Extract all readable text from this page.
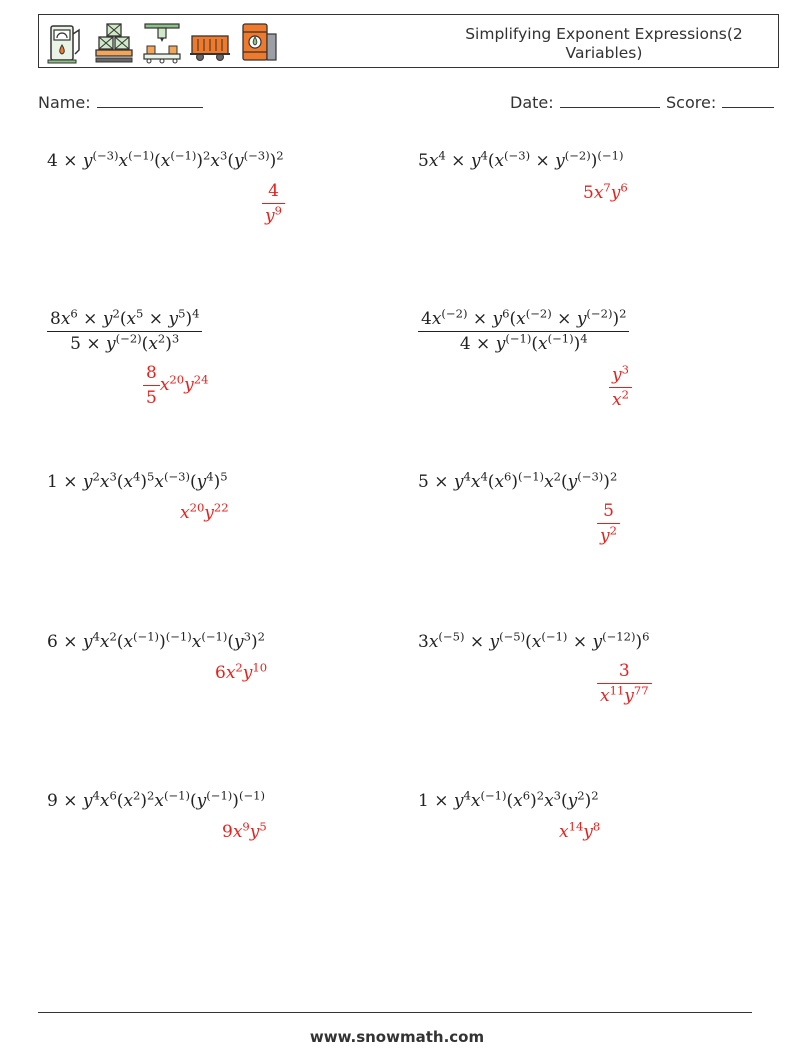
Simplifying Exponent Expressions(2 Variables)
Name:	Date:	Score:
$4 \times y^{(-3)}x^{(-1)}(x^{(-1)})^2x^3(y^{(-3)})^2$
$\frac{4}{y^9}$
$5x^4 \times y^4(x^{(-3)} \times y^{(-2)})^{(-1)}$
$5x^7y^6$
$\frac{8x^6 \times y^2(x^5 \times y^5)^4}{5 \times y^{(-2)}(x^2)^3}$
$\frac{8}{5} x^{20}y^{24}$
$\frac{4x^{(-2)} \times y^6(x^{(-2)} \times y^{(-2)})^2}{4 \times y^{(-1)}(x^{(-1)})^4}$
$\frac{y^3}{x^2}$
$1 \times y^2x^3(x^4)^5x^{(-3)}(y^4)^5$
$x^{20}y^{22}$
$5 \times y^4x^4(x^6)^{(-1)}x^2(y^{(-3)})^2$
$\frac{5}{y^2}$
$6 \times y^4x^2(x^{(-1)})^{(-1)}x^{(-1)}(y^3)^2$
$6x^2y^{10}$
$3x^{(-5)} \times y^{(-5)}(x^{(-1)} \times y^{(-12)})^6$
$\frac{3}{x^{11}y^{77}}$
$9 \times y^4x^6(x^2)^2x^{(-1)}(y^{(-1)})^{(-1)}$
$9x^9y^5$
$1 \times y^4x^{(-1)}(x^6)^2x^3(y^2)^2$
$x^{14}y^8$
www.snowmath.com
